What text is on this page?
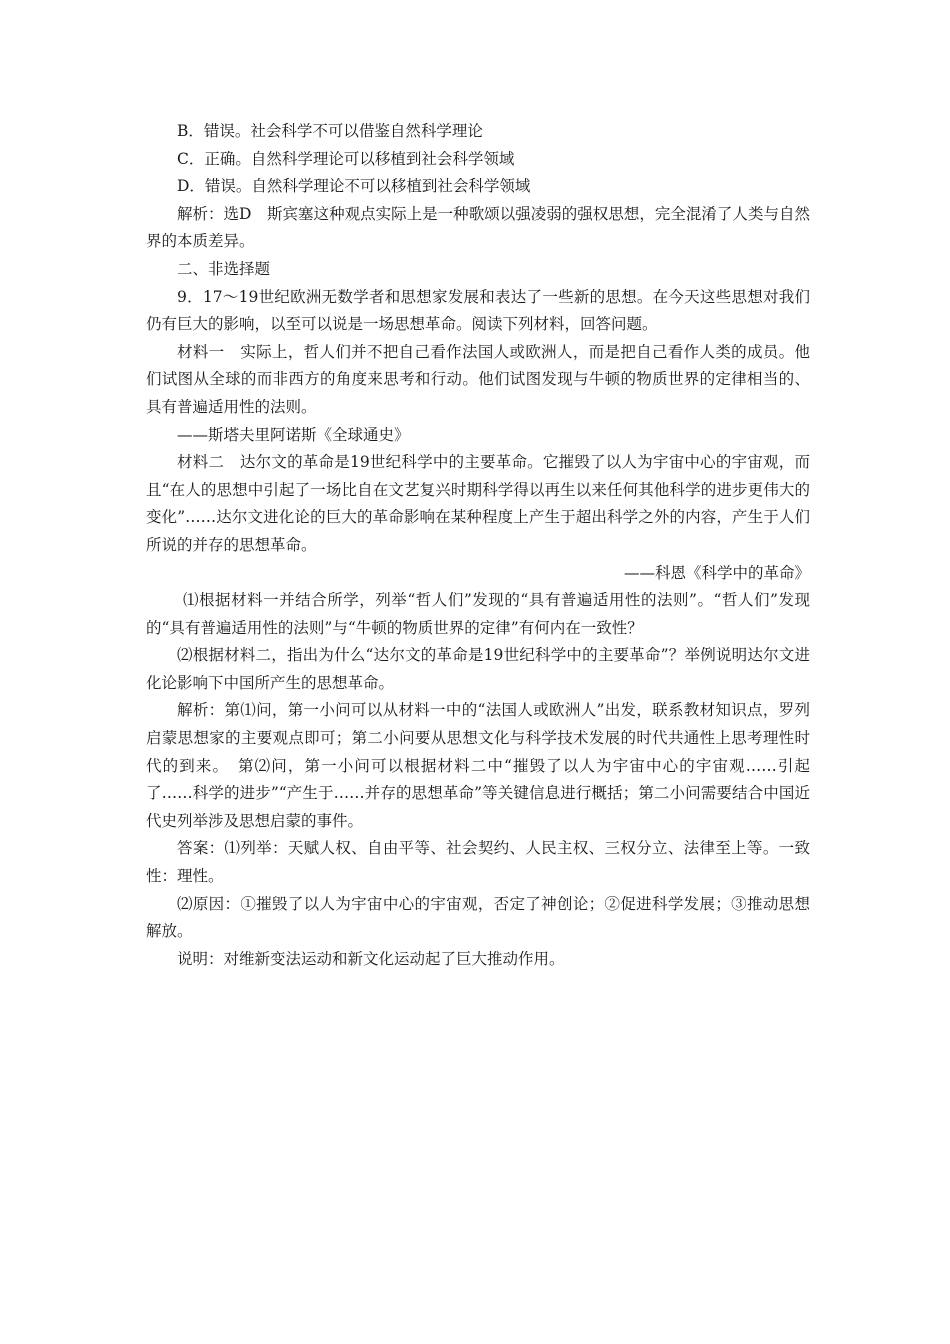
B．错误。社会科学不可以借鉴自然科学理论

C．正确。自然科学理论可以移植到社会科学领域

D．错误。自然科学理论不可以移植到社会科学领域

解析：选D　斯宾塞这种观点实际上是一种歌颂以强凌弱的强权思想，完全混淆了人类与自然界的本质差异。

二、非选择题

9．17～19世纪欧洲无数学者和思想家发展和表达了一些新的思想。在今天这些思想对我们仍有巨大的影响，以至可以说是一场思想革命。阅读下列材料，回答问题。

材料一　实际上，哲人们并不把自己看作法国人或欧洲人，而是把自己看作人类的成员。他们试图从全球的而非西方的角度来思考和行动。他们试图发现与牛顿的物质世界的定律相当的、具有普遍适用性的法则。

——斯塔夫里阿诺斯《全球通史》

材料二　达尔文的革命是19世纪科学中的主要革命。它摧毁了以人为宇宙中心的宇宙观，而且“在人的思想中引起了一场比自在文艺复兴时期科学得以再生以来任何其他科学的进步更伟大的变化”……达尔文进化论的巨大的革命影响在某种程度上产生于超出科学之外的内容，产生于人们所说的并存的思想革命。

——科恩《科学中的革命》

⑴根据材料一并结合所学，列举“哲人们”发现的“具有普遍适用性的法则”。“哲人们”发现的“具有普遍适用性的法则”与“牛顿的物质世界的定律”有何内在一致性？

⑵根据材料二，指出为什么“达尔文的革命是19世纪科学中的主要革命”？举例说明达尔文进化论影响下中国所产生的思想革命。

解析：第⑴问，第一小问可以从材料一中的“法国人或欧洲人”出发，联系教材知识点，罗列启蒙思想家的主要观点即可；第二小问要从思想文化与科学技术发展的时代共通性上思考理性时代的到来。　第⑵问，第一小问可以根据材料二中“摧毁了以人为宇宙中心的宇宙观……引起了……科学的进步”“产生于……并存的思想革命”等关键信息进行概括；第二小问需要结合中国近代史列举涉及思想启蒙的事件。

答案：⑴列举：天赋人权、自由平等、社会契约、人民主权、三权分立、法律至上等。一致性：理性。

⑵原因：①摧毁了以人为宇宙中心的宇宙观，否定了神创论；②促进科学发展；③推动思想解放。

说明：对维新变法运动和新文化运动起了巨大推动作用。
